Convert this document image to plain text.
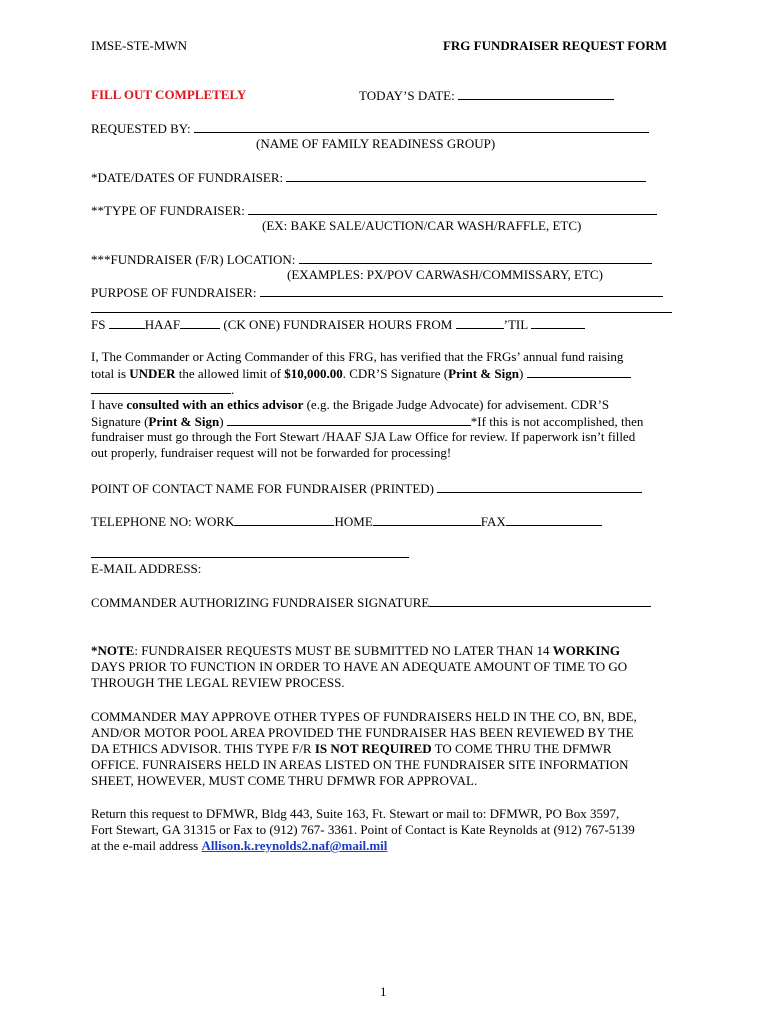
IMSE-STE-MWN	FRG FUNDRAISER REQUEST FORM
FILL OUT COMPLETELY	TODAY’S DATE:
REQUESTED BY:
(NAME OF FAMILY READINESS GROUP)
*DATE/DATES OF FUNDRAISER:
**TYPE OF FUNDRAISER:
(EX: BAKE SALE/AUCTION/CAR WASH/RAFFLE, ETC)
***FUNDRAISER (F/R) LOCATION:
(EXAMPLES: PX/POV CARWASH/COMMISSARY, ETC)
PURPOSE OF FUNDRAISER:
FS	HAAF	(CK ONE) FUNDRAISER HOURS FROM	’TIL
I, The Commander or Acting Commander of this FRG, has verified that the FRGs’ annual fund raising
total is UNDER the allowed limit of $10,000.00. CDR’S Signature (Print & Sign)
.
I have consulted with an ethics advisor (e.g. the Brigade Judge Advocate) for advisement. CDR’S
Signature (Print & Sign)	*If this is not accomplished, then
fundraiser must go through the Fort Stewart /HAAF SJA Law Office for review. If paperwork isn’t filled
out properly, fundraiser request will not be forwarded for processing!
POINT OF CONTACT NAME FOR FUNDRAISER (PRINTED)
TELEPHONE NO: WORK	HOME	FAX
E-MAIL ADDRESS:
COMMANDER AUTHORIZING FUNDRAISER SIGNATURE
*NOTE: FUNDRAISER REQUESTS MUST BE SUBMITTED NO LATER THAN 14 WORKING
DAYS PRIOR TO FUNCTION IN ORDER TO HAVE AN ADEQUATE AMOUNT OF TIME TO GO
THROUGH THE LEGAL REVIEW PROCESS.
COMMANDER MAY APPROVE OTHER TYPES OF FUNDRAISERS HELD IN THE CO, BN, BDE,
AND/OR MOTOR POOL AREA PROVIDED THE FUNDRAISER HAS BEEN REVIEWED BY THE
DA ETHICS ADVISOR. THIS TYPE F/R IS NOT REQUIRED TO COME THRU THE DFMWR
OFFICE. FUNRAISERS HELD IN AREAS LISTED ON THE FUNDRAISER SITE INFORMATION
SHEET, HOWEVER, MUST COME THRU DFMWR FOR APPROVAL.
Return this request to DFMWR, Bldg 443, Suite 163, Ft. Stewart or mail to: DFMWR, PO Box 3597,
Fort Stewart, GA 31315 or Fax to (912) 767- 3361. Point of Contact is Kate Reynolds at (912) 767-5139
at the e-mail address Allison.k.reynolds2.naf@mail.mil
1
